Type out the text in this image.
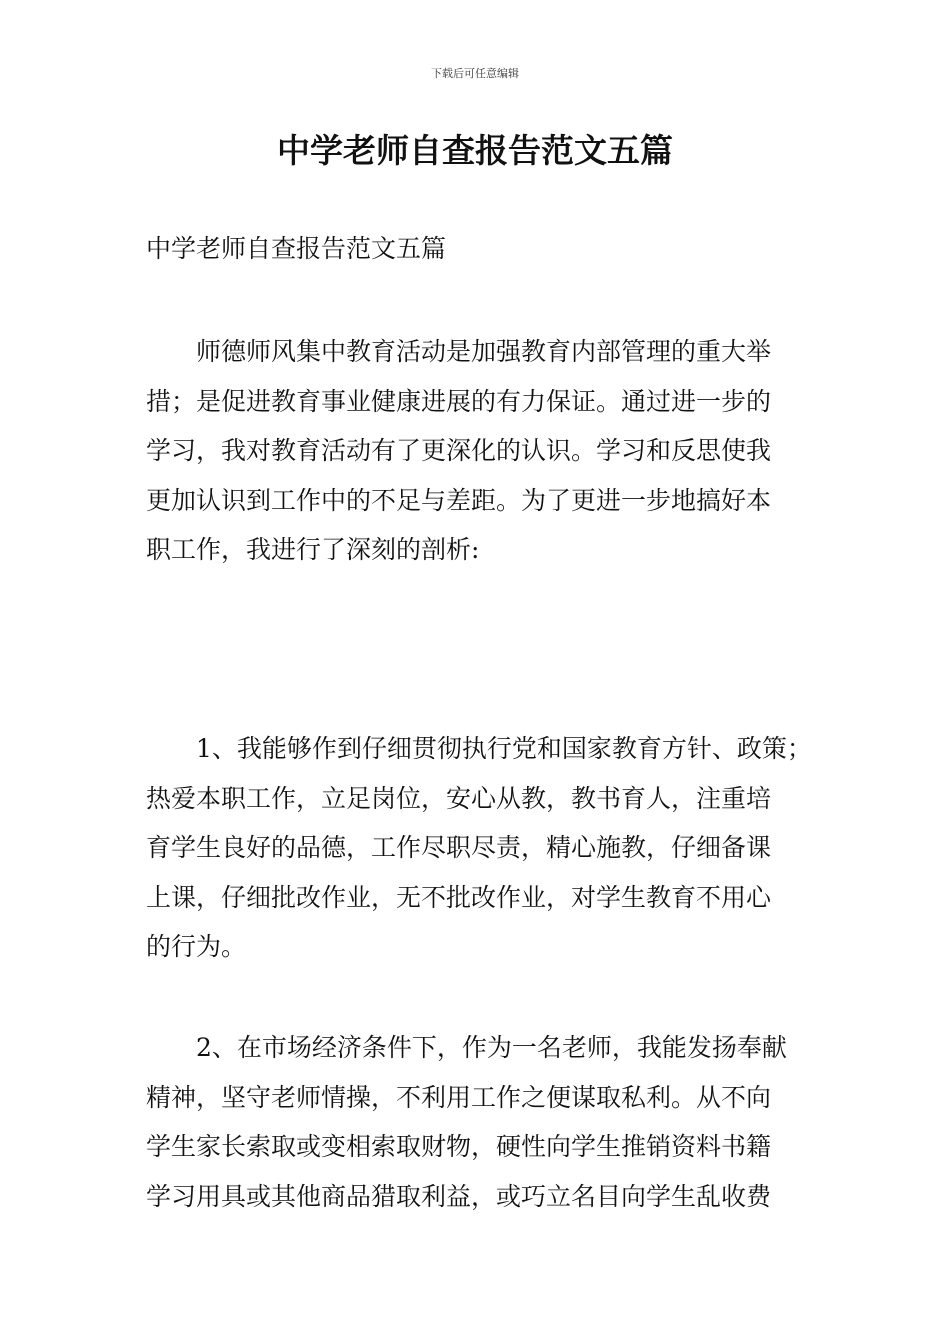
下载后可任意编辑
中学老师自查报告范文五篇

中学老师自查报告范文五篇

师德师风集中教育活动是加强教育内部管理的重大举
措；是促进教育事业健康进展的有力保证。通过进一步的
学习，我对教育活动有了更深化的认识。学习和反思使我
更加认识到工作中的不足与差距。为了更进一步地搞好本
职工作，我进行了深刻的剖析:

1、我能够作到仔细贯彻执行党和国家教育方针、政策；
热爱本职工作，立足岗位，安心从教，教书育人，注重培
育学生良好的品德，工作尽职尽责，精心施教，仔细备课
上课，仔细批改作业，无不批改作业，对学生教育不用心
的行为。

2、在市场经济条件下，作为一名老师，我能发扬奉献
精神，坚守老师情操，不利用工作之便谋取私利。从不向
学生家长索取或变相索取财物，硬性向学生推销资料书籍
学习用具或其他商品猎取利益，或巧立名目向学生乱收费
